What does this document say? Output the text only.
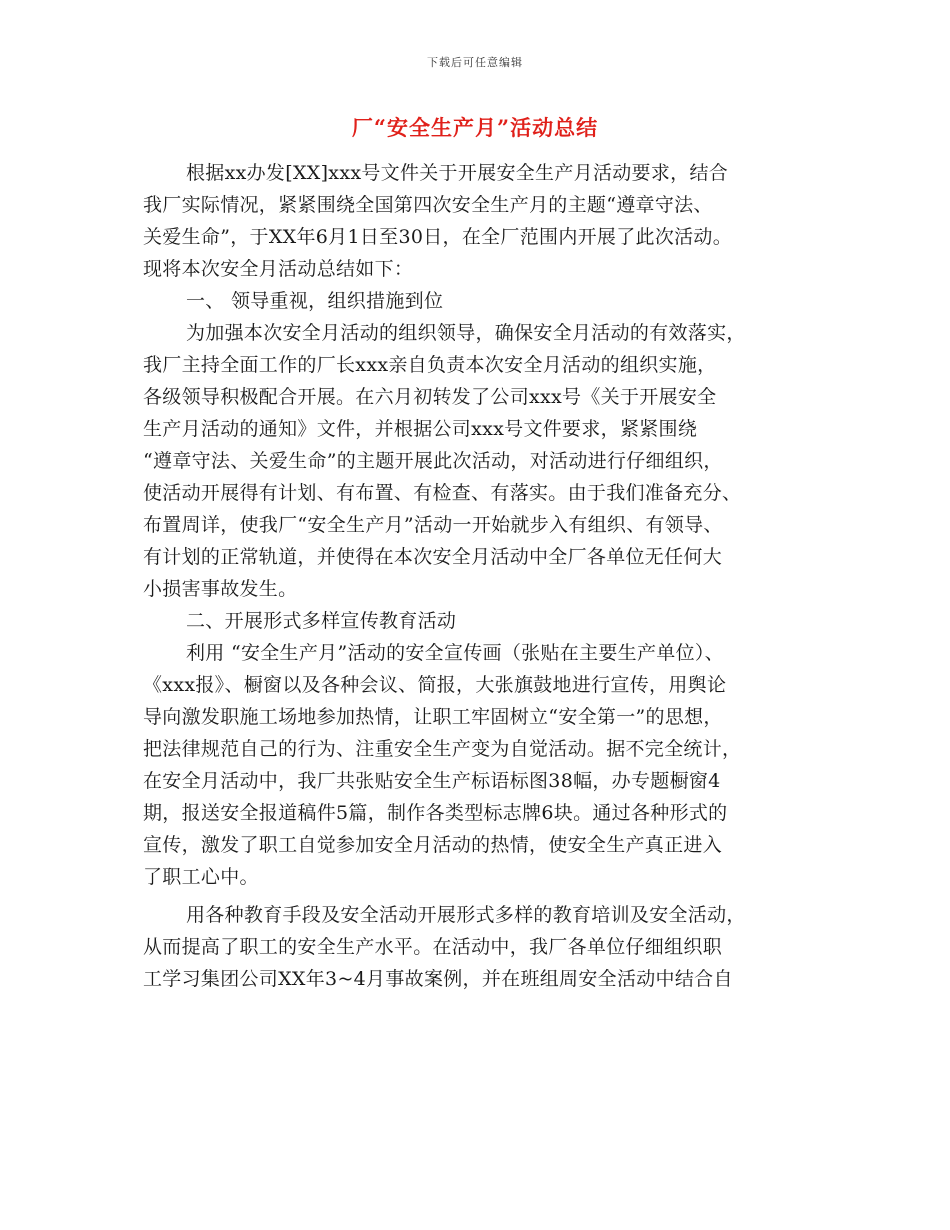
下载后可任意编辑
厂“安全生产月”活动总结
根据xx办发[XX]xxx号文件关于开展安全生产月活动要求，结合
我厂实际情况，紧紧围绕全国第四次安全生产月的主题“遵章守法、
关爱生命”，于XX年6月1日至30日，在全厂范围内开展了此次活动。
现将本次安全月活动总结如下：
一、 领导重视，组织措施到位
为加强本次安全月活动的组织领导，确保安全月活动的有效落实，
我厂主持全面工作的厂长xxx亲自负责本次安全月活动的组织实施，
各级领导积极配合开展。在六月初转发了公司xxx号《关于开展安全
生产月活动的通知》文件，并根据公司xxx号文件要求，紧紧围绕
“遵章守法、关爱生命”的主题开展此次活动，对活动进行仔细组织，
使活动开展得有计划、有布置、有检查、有落实。由于我们准备充分、
布置周详，使我厂“安全生产月”活动一开始就步入有组织、有领导、
有计划的正常轨道，并使得在本次安全月活动中全厂各单位无任何大
小损害事故发生。
二、开展形式多样宣传教育活动
利用 “安全生产月”活动的安全宣传画（张贴在主要生产单位）、
《xxx报》、橱窗以及各种会议、简报，大张旗鼓地进行宣传，用舆论
导向激发职施工场地参加热情，让职工牢固树立“安全第一”的思想，
把法律规范自己的行为、注重安全生产变为自觉活动。据不完全统计，
在安全月活动中，我厂共张贴安全生产标语标图38幅，办专题橱窗4
期，报送安全报道稿件5篇，制作各类型标志牌6块。通过各种形式的
宣传，激发了职工自觉参加安全月活动的热情，使安全生产真正进入
了职工心中。
用各种教育手段及安全活动开展形式多样的教育培训及安全活动，
从而提高了职工的安全生产水平。在活动中，我厂各单位仔细组织职
工学习集团公司XX年3~4月事故案例，并在班组周安全活动中结合自
